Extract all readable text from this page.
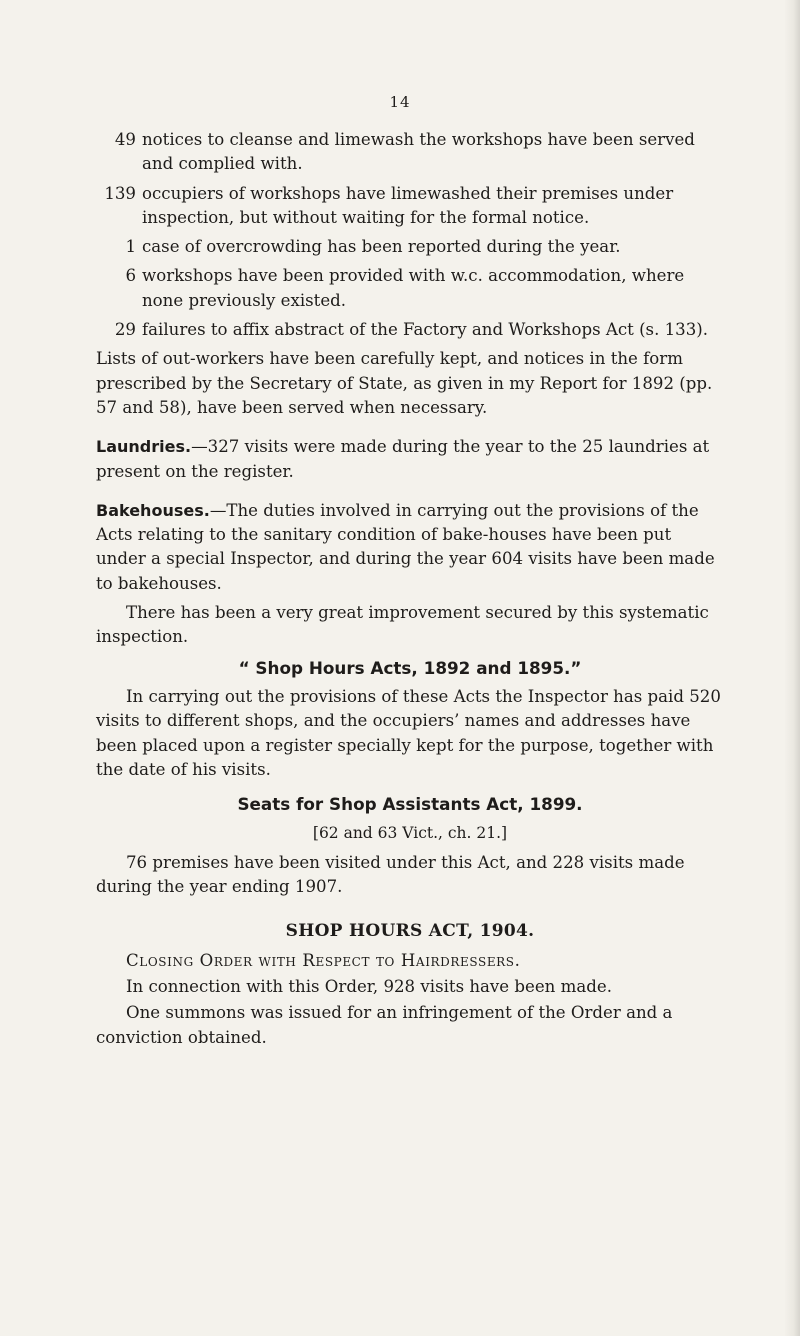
14
49 notices to cleanse and limewash the workshops have been served and complied with.
139 occupiers of workshops have limewashed their premises under inspection, but without waiting for the formal notice.
1 case of overcrowding has been reported during the year.
6 workshops have been provided with w.c. accommodation, where none previously existed.
29 failures to affix abstract of the Factory and Workshops Act (s. 133).

Lists of out-workers have been carefully kept, and notices in the form prescribed by the Secretary of State, as given in my Report for 1892 (pp. 57 and 58), have been served when necessary.

Laundries.—327 visits were made during the year to the 25 laundries at present on the register.

Bakehouses.—The duties involved in carrying out the provisions of the Acts relating to the sanitary condition of bake-houses have been put under a special Inspector, and during the year 604 visits have been made to bakehouses.

There has been a very great improvement secured by this systematic inspection.

“ Shop Hours Acts, 1892 and 1895.”

In carrying out the provisions of these Acts the Inspector has paid 520 visits to different shops, and the occupiers’ names and addresses have been placed upon a register specially kept for the purpose, together with the date of his visits.

Seats for Shop Assistants Act, 1899.
[62 and 63 Vict., ch. 21.]

76 premises have been visited under this Act, and 228 visits made during the year ending 1907.

SHOP HOURS ACT, 1904.

Closing Order with Respect to Hairdressers.

In connection with this Order, 928 visits have been made.

One summons was issued for an infringement of the Order and a conviction obtained.
